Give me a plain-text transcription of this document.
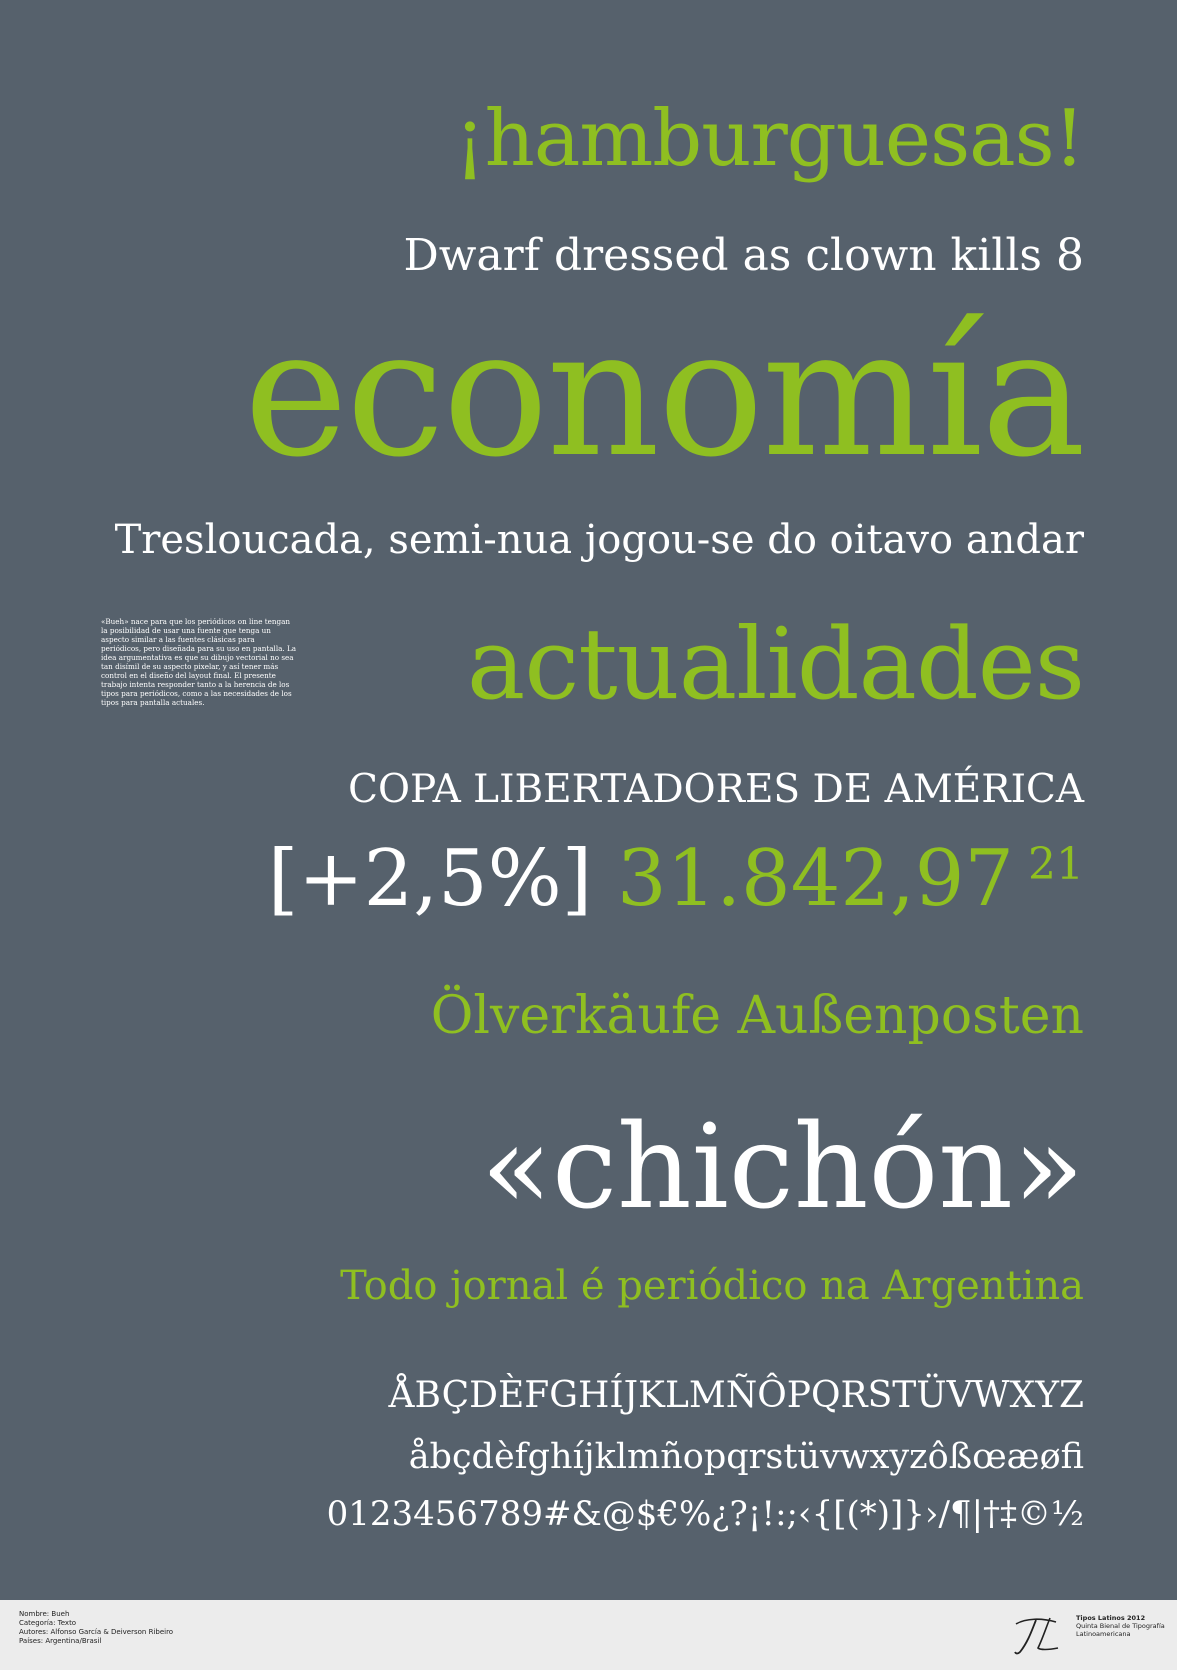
¡hamburguesas!

Dwarf dressed as clown kills 8

economía

Tresloucada, semi-nua jogou-se do oitavo andar

«Bueh» nace para que los periódicos on line tengan la posibilidad de usar una fuente que tenga un aspecto similar a las fuentes clásicas para periódicos, pero diseñada para su uso en pantalla. La idea argumentativa es que su dibujo vectorial no sea tan disímil de su aspecto pixelar, y así tener más control en el diseño del layout final. El presente trabajo intenta responder tanto a la herencia de los tipos para periódicos, como a las necesidades de los tipos para pantalla actuales.	actualidades

COPA LIBERTADORES DE AMÉRICA

[+2,5%] 31.842,97 $^{21}$

Ölverkäufe Außenposten

«chichón»

Todo jornal é periódico na Argentina

ÅBÇDÈFGHÍJKLMÑÔPQRSTÜVWXYZ

åbçdèfghíjklmñopqrstüvwxyzôßœæøfi

0123456789#&@$€%¿?¡!:;‹{[(*)]}›/¶|†‡©½

Nombre: Bueh
Categoría: Texto
Autores: Alfonso García & Deiverson Ribeiro
Países: Argentina/Brasil
Tipos Latinos 2012
Quinta Bienal de Tipografía
Latinoamericana
